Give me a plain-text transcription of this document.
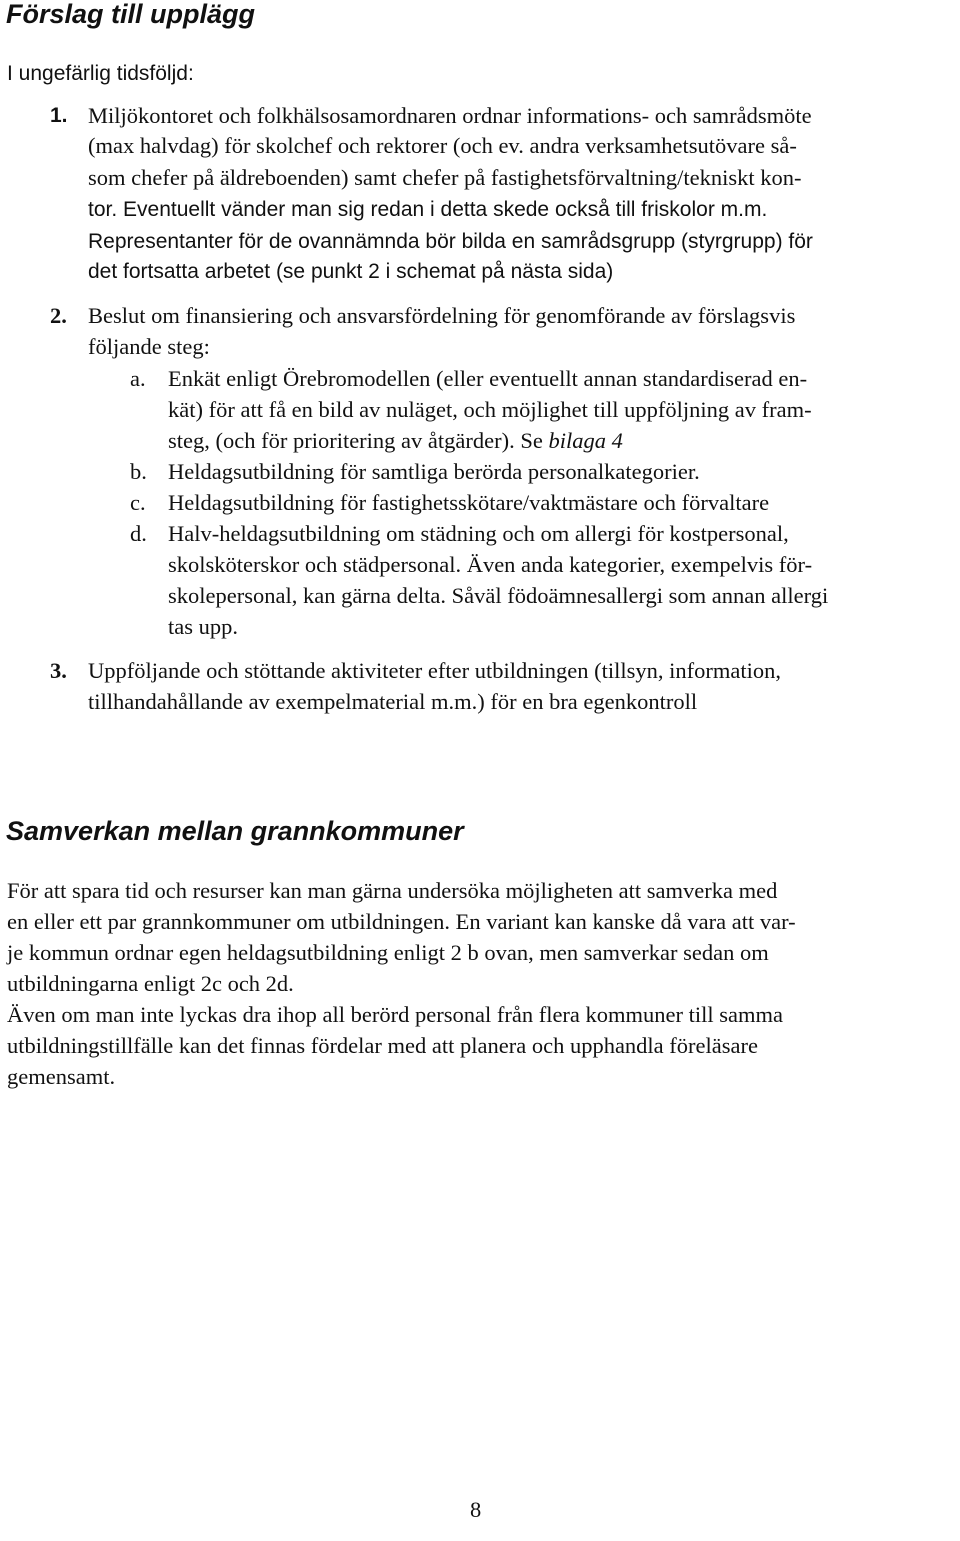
Förslag till upplägg

I ungefärlig tidsföljd:

1. Miljökontoret och folkhälsosamordnaren ordnar informations- och samrådsmöte

(max halvdag) för skolchef och rektorer (och ev. andra verksamhetsutövare så-

som chefer på äldreboenden) samt chefer på fastighetsförvaltning/tekniskt kon-

tor. Eventuellt vänder man sig redan i detta skede också till friskolor m.m.

Representanter för de ovannämnda bör bilda en samrådsgrupp (styrgrupp) för

det fortsatta arbetet (se punkt 2 i schemat på nästa sida)

2. Beslut om finansiering och ansvarsfördelning för genomförande av förslagsvis

följande steg:

a. Enkät enligt Örebromodellen (eller eventuellt annan standardiserad en-

kät) för att få en bild av nuläget, och möjlighet till uppföljning av fram-

steg, (och för prioritering av åtgärder). Se bilaga 4

b. Heldagsutbildning för samtliga berörda personalkategorier.

c. Heldagsutbildning för fastighetsskötare/vaktmästare och förvaltare

d. Halv-heldagsutbildning om städning och om allergi för kostpersonal,

skolsköterskor och städpersonal. Även anda kategorier, exempelvis för-

skolepersonal, kan gärna delta. Såväl födoämnesallergi som annan allergi

tas upp.

3. Uppföljande och stöttande aktiviteter efter utbildningen (tillsyn, information,

tillhandahållande av exempelmaterial m.m.) för en bra egenkontroll

Samverkan mellan grannkommuner

För att spara tid och resurser kan man gärna undersöka möjligheten att samverka med

en eller ett par grannkommuner om utbildningen. En variant kan kanske då vara att var-

je kommun ordnar egen heldagsutbildning enligt 2 b ovan, men samverkar sedan om

utbildningarna enligt 2c och 2d.

Även om man inte lyckas dra ihop all berörd personal från flera kommuner till samma

utbildningstillfälle kan det finnas fördelar med att planera och upphandla föreläsare

gemensamt.

8
